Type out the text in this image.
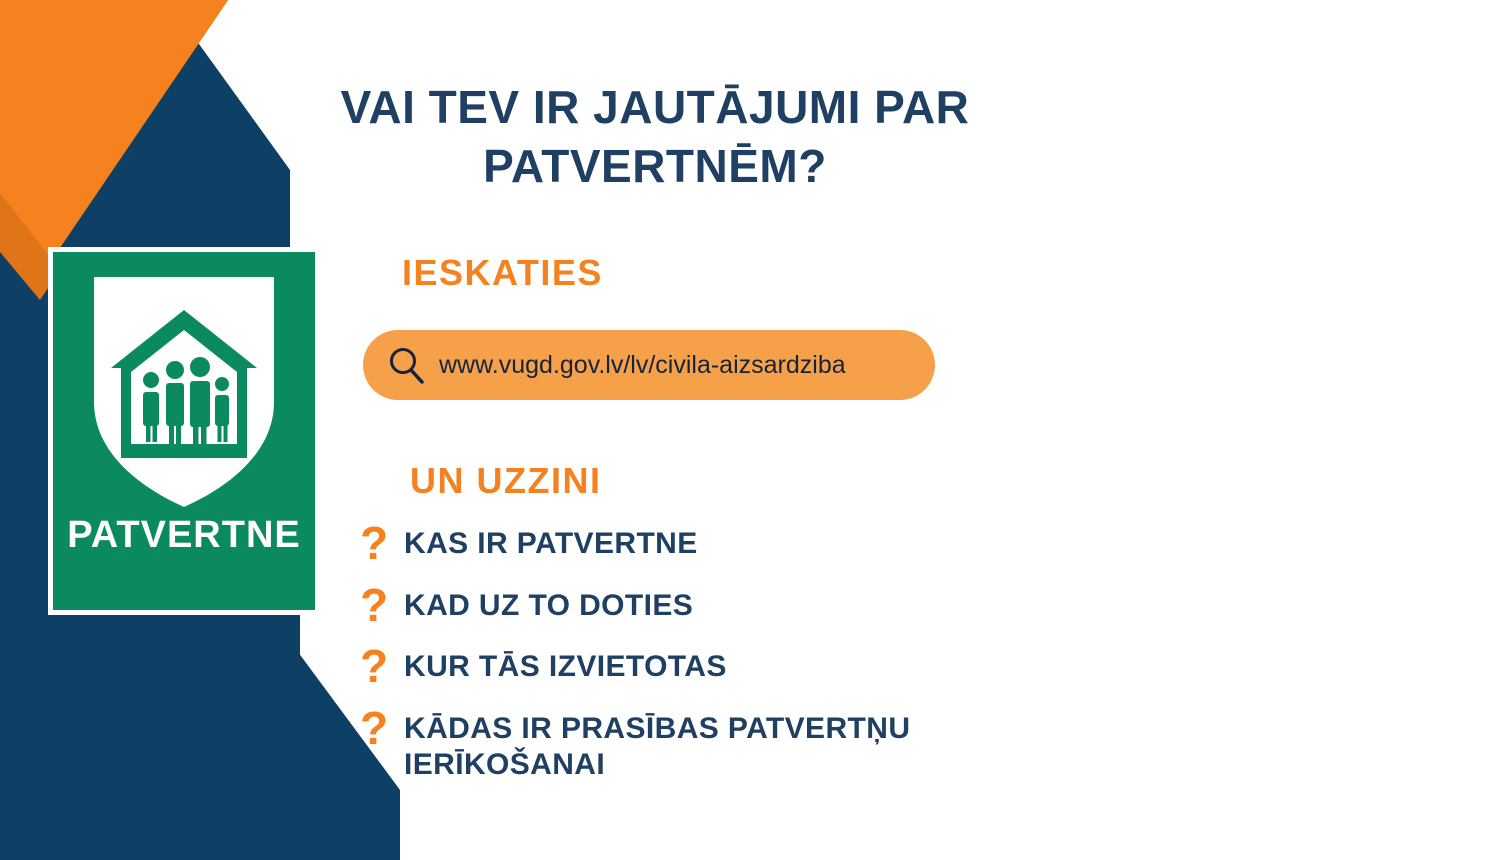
PATVERTNE
VAI TEV IR JAUTĀJUMI PAR PATVERTNĒM?
IESKATIES
www.vugd.gov.lv/lv/civila-aizsardziba
UN UZZINI
? KAS IR PATVERTNE
? KAD UZ TO DOTIES
? KUR TĀS IZVIETOTAS
? KĀDAS IR PRASĪBAS PATVERTŅU IERĪKOŠANAI
